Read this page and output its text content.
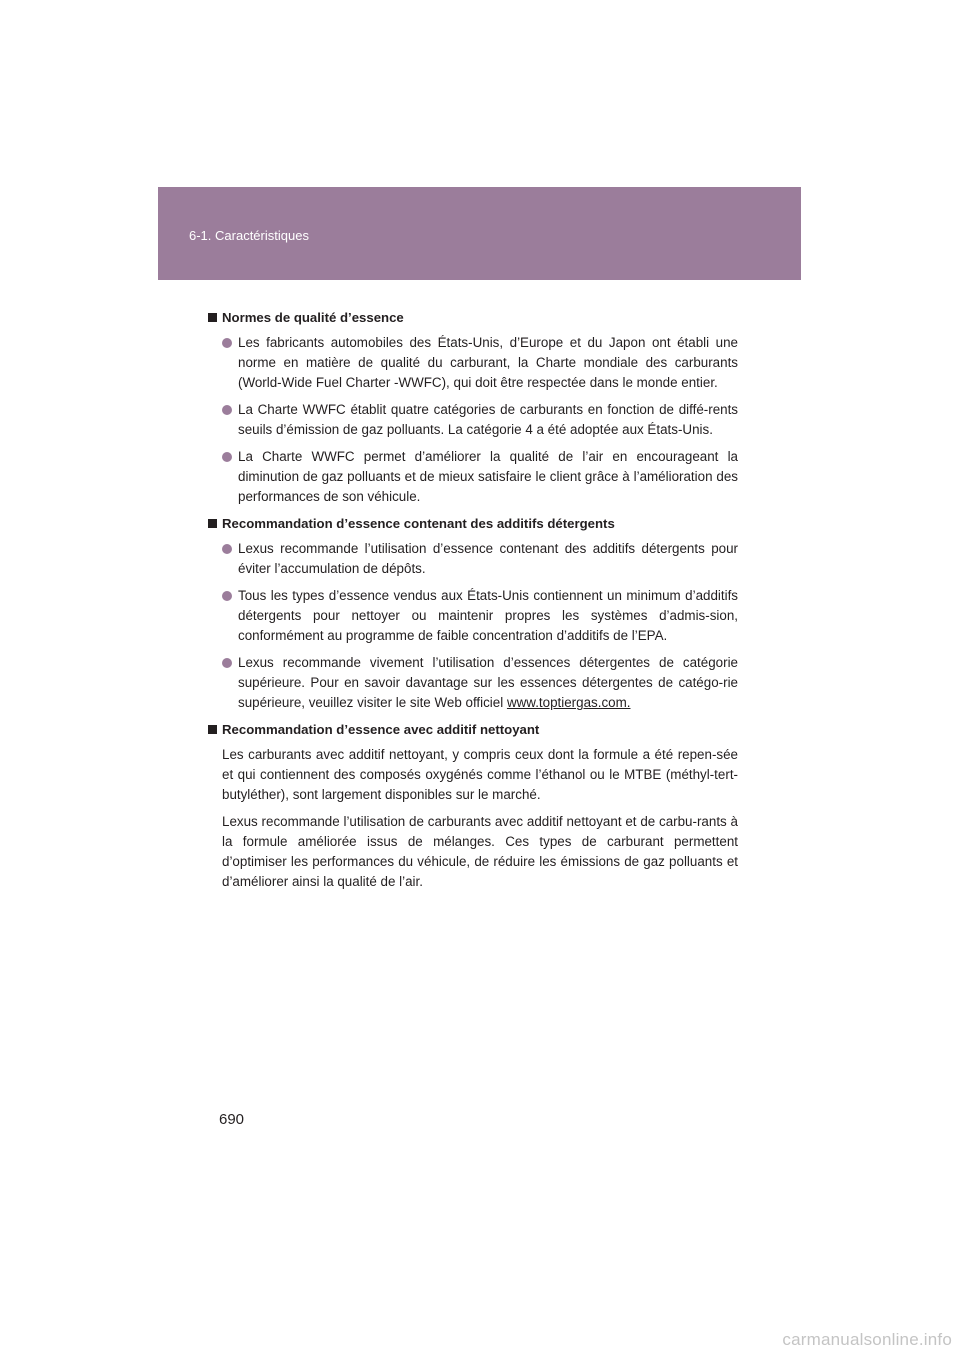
6-1. Caractéristiques
Normes de qualité d’essence
Les fabricants automobiles des États-Unis, d’Europe et du Japon ont établi une norme en matière de qualité du carburant, la Charte mondiale des carburants (World-Wide Fuel Charter -WWFC), qui doit être respectée dans le monde entier.
La Charte WWFC établit quatre catégories de carburants en fonction de diffé-rents seuils d’émission de gaz polluants. La catégorie 4 a été adoptée aux États-Unis.
La Charte WWFC permet d’améliorer la qualité de l’air en encourageant la diminution de gaz polluants et de mieux satisfaire le client grâce à l’amélioration des performances de son véhicule.
Recommandation d’essence contenant des additifs détergents
Lexus recommande l’utilisation d’essence contenant des additifs détergents pour éviter l’accumulation de dépôts.
Tous les types d’essence vendus aux États-Unis contiennent un minimum d’additifs détergents pour nettoyer ou maintenir propres les systèmes d’admis-sion, conformément au programme de faible concentration d’additifs de l’EPA.
Lexus recommande vivement l’utilisation d’essences détergentes de catégorie supérieure. Pour en savoir davantage sur les essences détergentes de catégo-rie supérieure, veuillez visiter le site Web officiel www.toptiergas.com.
Recommandation d’essence avec additif nettoyant
Les carburants avec additif nettoyant, y compris ceux dont la formule a été repen-sée et qui contiennent des composés oxygénés comme l’éthanol ou le MTBE (méthyl-tert-butyléther), sont largement disponibles sur le marché.
Lexus recommande l’utilisation de carburants avec additif nettoyant et de carbu-rants à la formule améliorée issus de mélanges. Ces types de carburant permettent d’optimiser les performances du véhicule, de réduire les émissions de gaz polluants et d’améliorer ainsi la qualité de l’air.
690
carmanualsonline.info
